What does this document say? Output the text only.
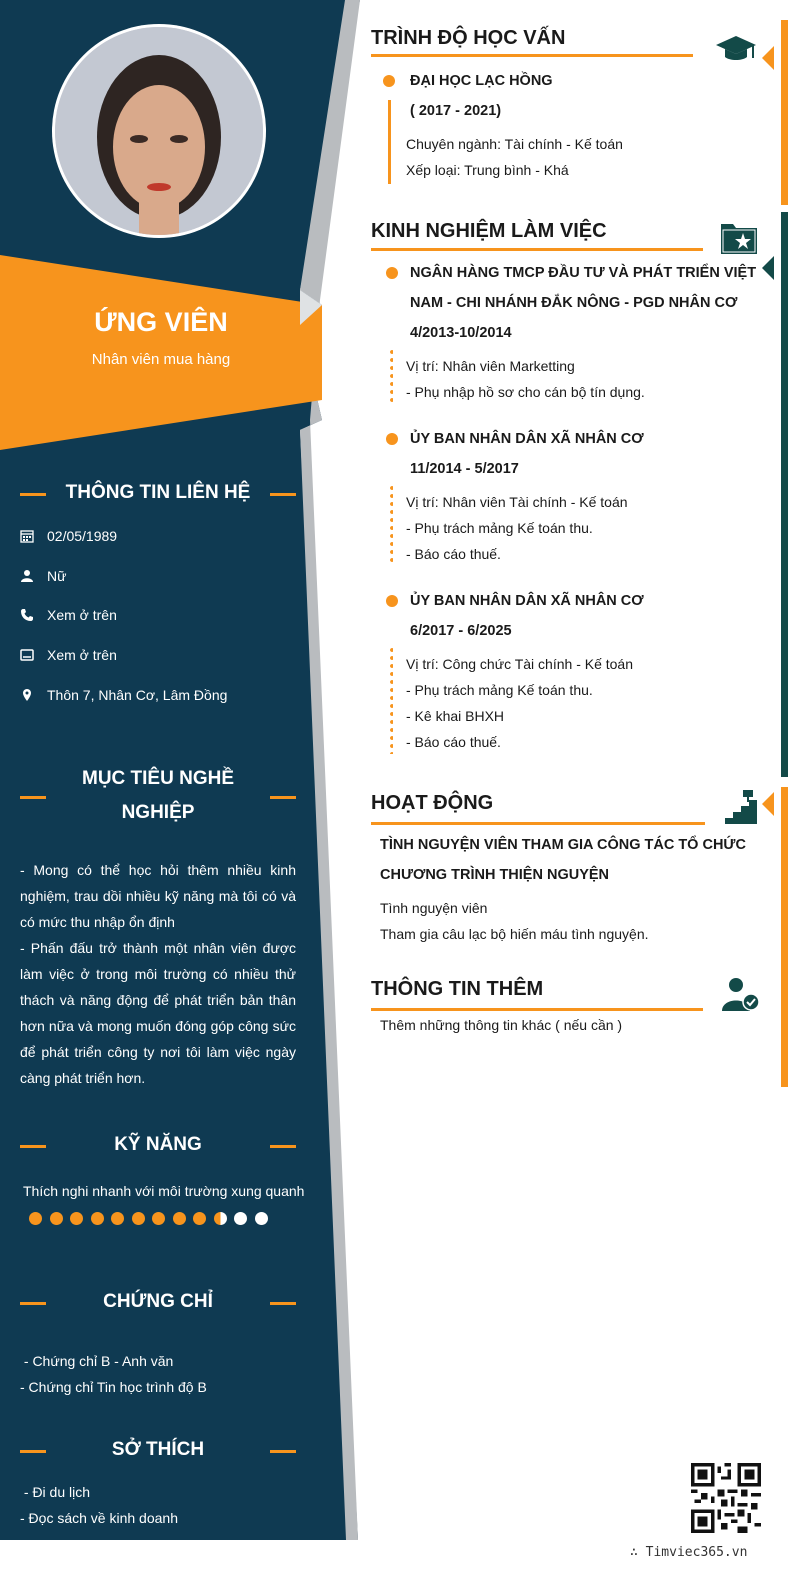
ỨNG VIÊN
Nhân viên mua hàng
THÔNG TIN LIÊN HỆ
02/05/1989
Nữ
Xem ở trên
Xem ở trên
Thôn 7, Nhân Cơ, Lâm Đồng
MỤC TIÊU NGHỀ
NGHIỆP
- Mong có thể học hỏi thêm nhiều kinh nghiệm, trau dồi nhiều kỹ năng mà tôi có và có mức thu nhập ổn định
- Phấn đấu trở thành một nhân viên được làm việc ở trong môi trường có nhiều thử thách và năng động để phát triển bản thân hơn nữa và mong muốn đóng góp công sức để phát triển công ty nơi tôi làm việc ngày càng phát triển hơn.
KỸ NĂNG
Thích nghi nhanh với môi trường xung quanh
CHỨNG CHỈ
- Chứng chỉ B - Anh văn
- Chứng chỉ Tin học trình độ B
SỞ THÍCH
- Đi du lịch
- Đọc sách về kinh doanh
TRÌNH ĐỘ HỌC VẤN
ĐẠI HỌC LẠC HỒNG
( 2017 - 2021)
Chuyên ngành: Tài chính - Kế toán
Xếp loại: Trung bình - Khá
KINH NGHIỆM LÀM VIỆC
NGÂN HÀNG TMCP ĐẦU TƯ VÀ PHÁT TRIỂN VIỆT
NAM - CHI NHÁNH ĐẮK NÔNG - PGD NHÂN CƠ
4/2013-10/2014
Vị trí: Nhân viên Marketting
- Phụ nhập hồ sơ cho cán bộ tín dụng.
ỦY BAN NHÂN DÂN XÃ NHÂN CƠ
11/2014 - 5/2017
Vị trí: Nhân viên Tài chính - Kế toán
- Phụ trách mảng Kế toán thu.
- Báo cáo thuế.
ỦY BAN NHÂN DÂN XÃ NHÂN CƠ
6/2017 - 6/2025
Vị trí: Công chức Tài chính - Kế toán
- Phụ trách mảng Kế toán thu.
- Kê khai BHXH
- Báo cáo thuế.
HOẠT ĐỘNG
TÌNH NGUYỆN VIÊN THAM GIA CÔNG TÁC TỔ CHỨC
CHƯƠNG TRÌNH THIỆN NGUYỆN
Tình nguyện viên
Tham gia câu lạc bộ hiến máu tình nguyện.
THÔNG TIN THÊM
Thêm những thông tin khác ( nếu cần )
∴ Timviec365.vn
